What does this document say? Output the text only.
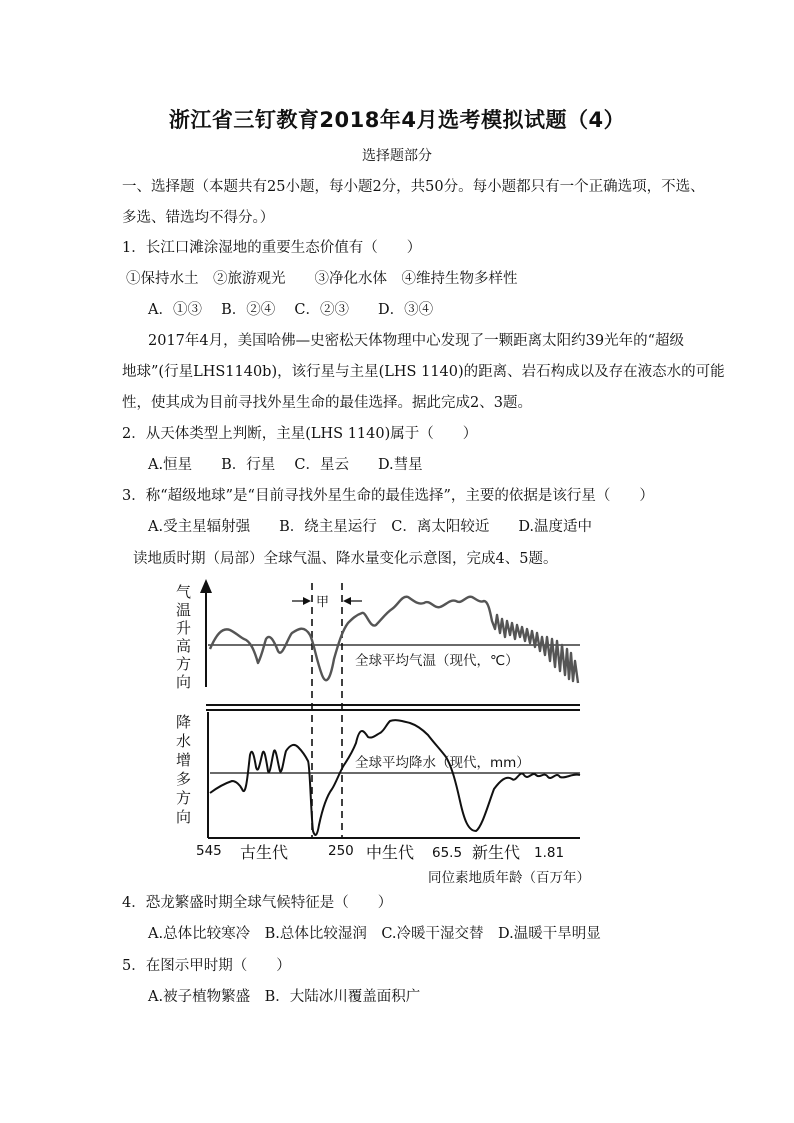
浙江省三钉教育2018年4月选考模拟试题（4）
选择题部分
一、选择题（本题共有25小题，每小题2分，共50分。每小题都只有一个正确选项，不选、
多选、错选均不得分。）
1．长江口滩涂湿地的重要生态价值有（　　）
①保持水土　②旅游观光　　③净化水体　④维持生物多样性
A．①③　 B．②④　 C．②③　　D．③④
2017年4月，美国哈佛—史密松天体物理中心发现了一颗距离太阳约39光年的“超级
地球”(行星LHS1140b)，该行星与主星(LHS 1140)的距离、岩石构成以及存在液态水的可能
性，使其成为目前寻找外星生命的最佳选择。据此完成2、3题。
2．从天体类型上判断，主星(LHS 1140)属于（　　）
A.恒星　　B．行星　 C．星云　　D.彗星
3．称“超级地球”是“目前寻找外星生命的最佳选择”，主要的依据是该行星（　　）
A.受主星辐射强　　B．绕主星运行　C．离太阳较近　　D.温度适中
读地质时期（局部）全球气温、降水量变化示意图，完成4、5题。
气
温
升
高
方
向
降
水
增
多
方
向
全球平均气温（现代，℃）
全球平均降水（现代，mm）
甲
545	250	65.5	1.81
古生代	中生代	新生代
同位素地质年龄（百万年）
4．恐龙繁盛时期全球气候特征是（　　）
A.总体比较寒冷　B.总体比较湿润　C.冷暖干湿交替　D.温暖干旱明显
5．在图示甲时期（　　）
A.被子植物繁盛　B．大陆冰川覆盖面积广
